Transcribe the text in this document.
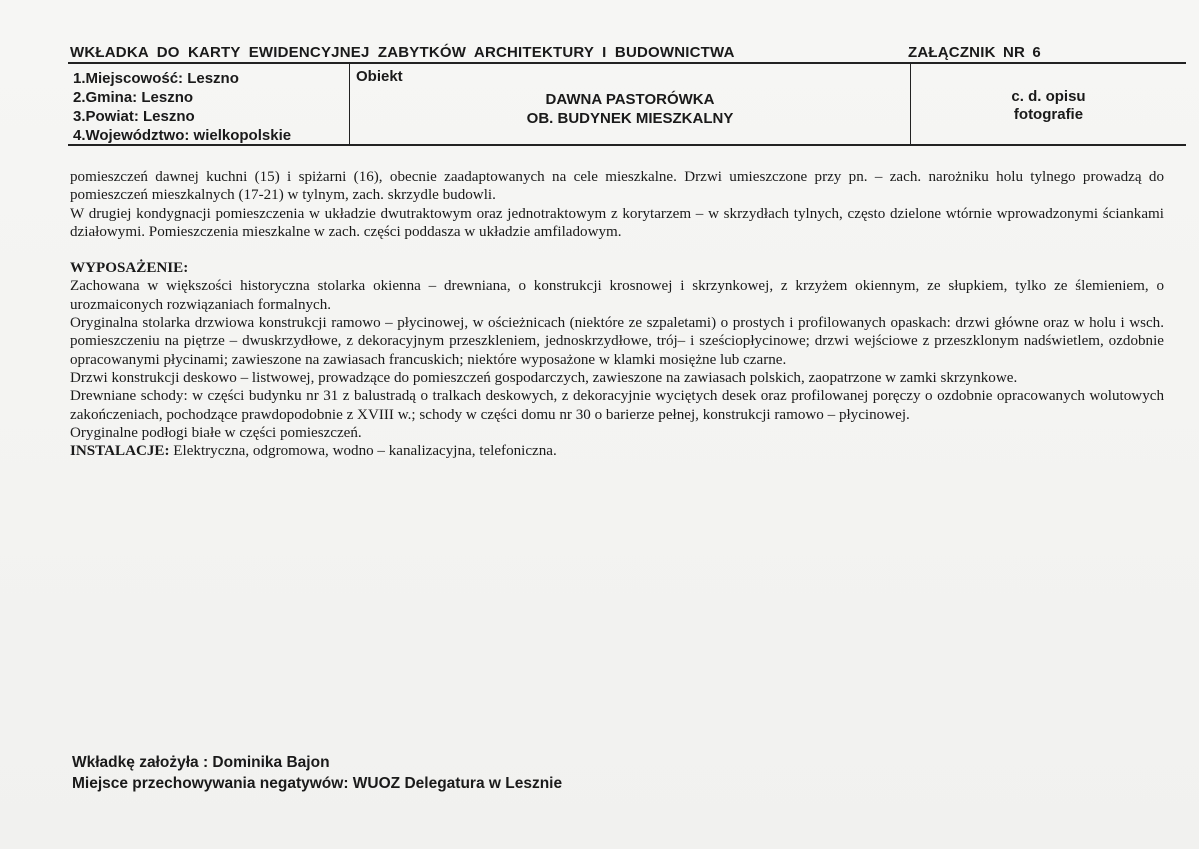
WKŁADKA DO KARTY EWIDENCYJNEJ ZABYTKÓW ARCHITEKTURY I BUDOWNICTWA	ZAŁĄCZNIK NR 6
1.Miejscowość: Leszno
2.Gmina: Leszno
3.Powiat: Leszno
4.Województwo: wielkopolskie
Obiekt
DAWNA PASTORÓWKA
OB. BUDYNEK MIESZKALNY
c. d. opisu
fotografie

pomieszczeń dawnej kuchni (15) i spiżarni (16), obecnie zaadaptowanych na cele mieszkalne. Drzwi umieszczone przy pn. – zach. narożniku holu tylnego prowadzą do pomieszczeń mieszkalnych (17-21) w tylnym, zach. skrzydle budowli.

W drugiej kondygnacji pomieszczenia w układzie dwutraktowym oraz jednotraktowym z korytarzem – w skrzydłach tylnych, często dzielone wtórnie wprowadzonymi ściankami działowymi. Pomieszczenia mieszkalne w zach. części poddasza w układzie amfiladowym.

WYPOSAŻENIE:

Zachowana w większości historyczna stolarka okienna – drewniana, o konstrukcji krosnowej i skrzynkowej, z krzyżem okiennym, ze słupkiem, tylko ze ślemieniem, o urozmaiconych rozwiązaniach formalnych.

Oryginalna stolarka drzwiowa konstrukcji ramowo – płycinowej, w ościeżnicach (niektóre ze szpaletami) o prostych i profilowanych opaskach: drzwi główne oraz w holu i wsch. pomieszczeniu na piętrze – dwuskrzydłowe, z dekoracyjnym przeszkleniem, jednoskrzydłowe, trój– i sześciopłycinowe; drzwi wejściowe z przeszklonym nadświetlem, ozdobnie opracowanymi płycinami; zawieszone na zawiasach francuskich; niektóre wyposażone w klamki mosiężne lub czarne.

Drzwi konstrukcji deskowo – listwowej, prowadzące do pomieszczeń gospodarczych, zawieszone na zawiasach polskich, zaopatrzone w zamki skrzynkowe.

Drewniane schody: w części budynku nr 31 z balustradą o tralkach deskowych, z dekoracyjnie wyciętych desek oraz profilowanej poręczy o ozdobnie opracowanych wolutowych zakończeniach, pochodzące prawdopodobnie z XVIII w.; schody w części domu nr 30 o barierze pełnej, konstrukcji ramowo – płycinowej.

Oryginalne podłogi białe w części pomieszczeń.

INSTALACJE: Elektryczna, odgromowa, wodno – kanalizacyjna, telefoniczna.

Wkładkę założyła : Dominika Bajon
Miejsce przechowywania negatywów: WUOZ Delegatura w Lesznie
